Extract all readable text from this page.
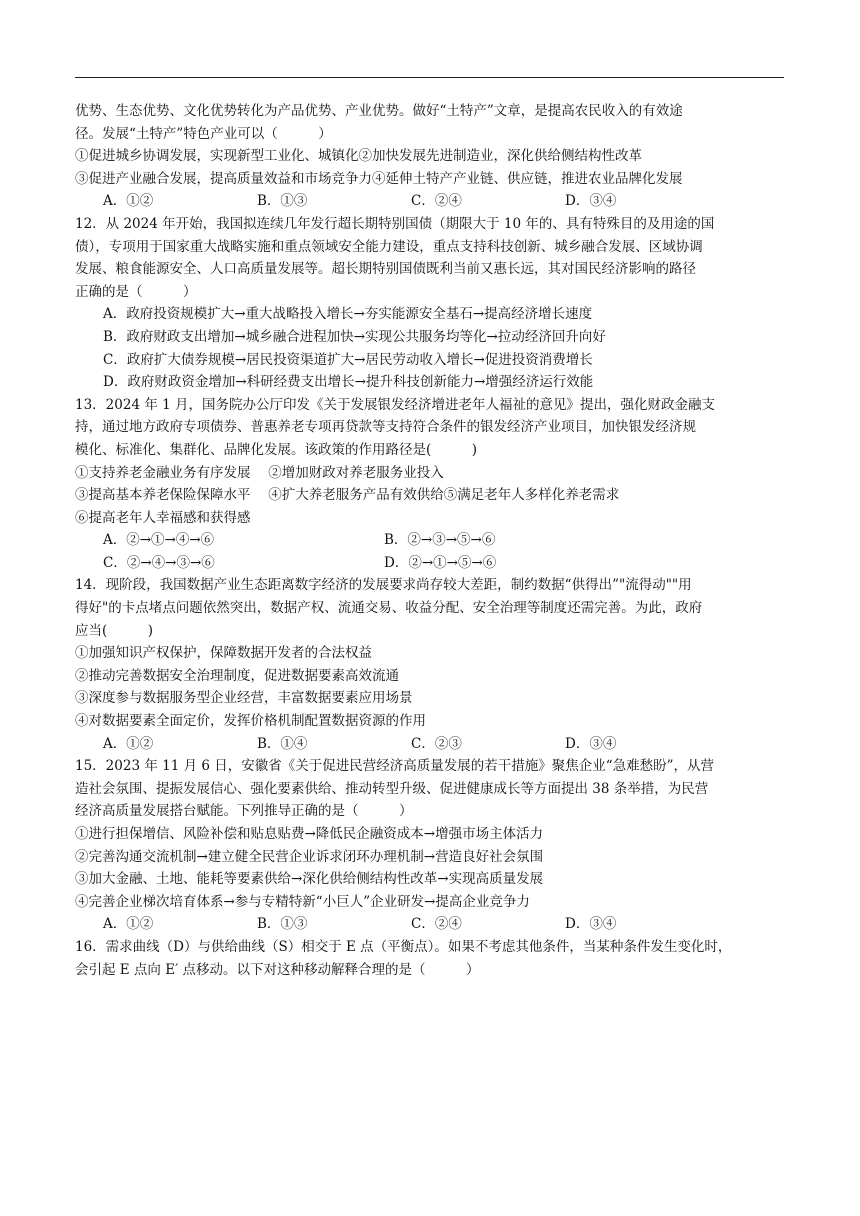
优势、生态优势、文化优势转化为产品优势、产业优势。做好“土特产”文章，是提高农民收入的有效途
径。发展“土特产”特色产业可以（　　　）
①促进城乡协调发展，实现新型工业化、城镇化②加快发展先进制造业，深化供给侧结构性改革
③促进产业融合发展，提高质量效益和市场竞争力④延伸土特产产业链、供应链，推进农业品牌化发展
A．①②	B．①③	C．②④	D．③④
12．从 2024 年开始，我国拟连续几年发行超长期特别国债（期限大于 10 年的、具有特殊目的及用途的国
债），专项用于国家重大战略实施和重点领域安全能力建设，重点支持科技创新、城乡融合发展、区域协调
发展、粮食能源安全、人口高质量发展等。超长期特别国债既利当前又惠长远，其对国民经济影响的路径
正确的是（　　　）
A．政府投资规模扩大→重大战略投入增长→夯实能源安全基石→提高经济增长速度
B．政府财政支出增加→城乡融合进程加快→实现公共服务均等化→拉动经济回升向好
C．政府扩大债券规模→居民投资渠道扩大→居民劳动收入增长→促进投资消费增长
D．政府财政资金增加→科研经费支出增长→提升科技创新能力→增强经济运行效能
13．2024 年 1 月，国务院办公厅印发《关于发展银发经济增进老年人福祉的意见》提出，强化财政金融支
持，通过地方政府专项债券、普惠养老专项再贷款等支持符合条件的银发经济产业项目，加快银发经济规
模化、标准化、集群化、品牌化发展。该政策的作用路径是(　　　)
①支持养老金融业务有序发展　 ②增加财政对养老服务业投入
③提高基本养老保险保障水平　 ④扩大养老服务产品有效供给⑤满足老年人多样化养老需求
⑥提高老年人幸福感和获得感
A．②→①→④→⑥	B．②→③→⑤→⑥
C．②→④→③→⑥	D．②→①→⑤→⑥
14．现阶段，我国数据产业生态距离数字经济的发展要求尚存较大差距，制约数据“供得出”"流得动""用
得好"的卡点堵点问题依然突出，数据产权、流通交易、收益分配、安全治理等制度还需完善。为此，政府
应当(　　　)
①加强知识产权保护，保障数据开发者的合法权益
②推动完善数据安全治理制度，促进数据要素高效流通
③深度参与数据服务型企业经营，丰富数据要素应用场景
④对数据要素全面定价，发挥价格机制配置数据资源的作用
A．①②	B．①④	C．②③	D．③④
15．2023 年 11 月 6 日，安徽省《关于促进民营经济高质量发展的若干措施》聚焦企业“急难愁盼”，从营
造社会氛围、提振发展信心、强化要素供给、推动转型升级、促进健康成长等方面提出 38 条举措，为民营
经济高质量发展搭台赋能。下列推导正确的是（　　　）
①进行担保增信、风险补偿和贴息贴费→降低民企融资成本→增强市场主体活力
②完善沟通交流机制→建立健全民营企业诉求闭环办理机制→营造良好社会氛围
③加大金融、土地、能耗等要素供给→深化供给侧结构性改革→实现高质量发展
④完善企业梯次培育体系→参与专精特新“小巨人”企业研发→提高企业竞争力
A．①②	B．①③	C．②④	D．③④
16．需求曲线（D）与供给曲线（S）相交于 E 点（平衡点）。如果不考虑其他条件，当某种条件发生变化时，
会引起 E 点向 E′ 点移动。以下对这种移动解释合理的是（　　　）
